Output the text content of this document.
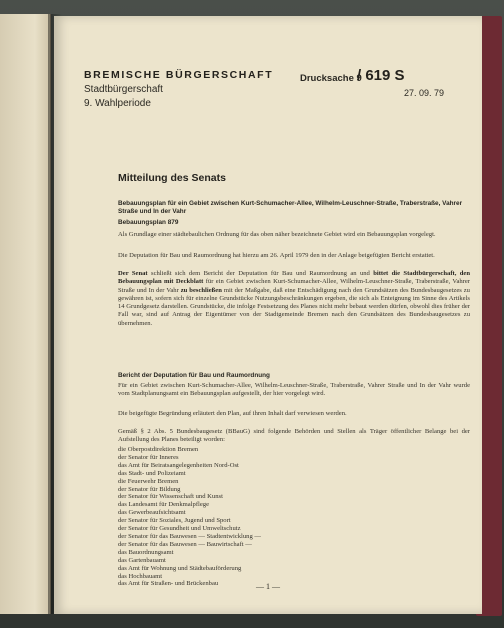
BREMISCHE BÜRGERSCHAFT
Stadtbürgerschaft
9. Wahlperiode
Drucksache 9
/ 619 S
27. 09. 79
Mitteilung des Senats
Bebauungsplan für ein Gebiet zwischen Kurt-Schumacher-Allee, Wilhelm-Leuschner-Straße, Traberstraße, Vahrer Straße und In der Vahr
Bebauungsplan 879

Als Grundlage einer städtebaulichen Ordnung für das oben näher bezeichnete Gebiet wird ein Bebauungsplan vorgelegt.

Die Deputation für Bau und Raumordnung hat hierzu am 26. April 1979 den in der Anlage beigefügten Bericht erstattet.

Der Senat schließt sich dem Bericht der Deputation für Bau und Raumordnung an und bittet die Stadtbürgerschaft, den Bebauungsplan mit Deckblatt für ein Gebiet zwischen Kurt-Schumacher-Allee, Wilhelm-Leuschner-Straße, Traberstraße, Vahrer Straße und In der Vahr zu beschließen mit der Maßgabe, daß eine Entschädigung nach den Grundsätzen des Bundesbaugesetzes zu gewähren ist, sofern sich für einzelne Grundstücke Nutzungsbeschränkungen ergeben, die sich als Enteignung im Sinne des Artikels 14 Grundgesetz darstellen. Grundstücke, die infolge Festsetzung des Planes nicht mehr bebaut werden dürfen, obwohl dies früher der Fall war, sind auf Antrag der Eigentümer von der Stadtgemeinde Bremen nach den Grundsätzen des Bundesbaugesetzes zu übernehmen.

Bericht der Deputation für Bau und Raumordnung

Für ein Gebiet zwischen Kurt-Schumacher-Allee, Wilhelm-Leuschner-Straße, Traberstraße, Vahrer Straße und In der Vahr wurde vom Stadtplanungsamt ein Bebauungsplan aufgestellt, der hier vorgelegt wird.

Die beigefügte Begründung erläutert den Plan, auf ihren Inhalt darf verwiesen werden.

Gemäß § 2 Abs. 5 Bundesbaugesetz (BBauG) sind folgende Behörden und Stellen als Träger öffentlicher Belange bei der Aufstellung des Planes beteiligt worden:

die Oberpostdirektion Bremen
der Senator für Inneres
das Amt für Beiratsangelegenheiten Nord-Ost
das Stadt- und Polizeiamt
die Feuerwehr Bremen
der Senator für Bildung
der Senator für Wissenschaft und Kunst
das Landesamt für Denkmalpflege
das Gewerbeaufsichtsamt
der Senator für Soziales, Jugend und Sport
der Senator für Gesundheit und Umweltschutz
der Senator für das Bauwesen — Stadtentwicklung —
der Senator für das Bauwesen — Bauwirtschaft —
das Bauordnungsamt
das Gartenbauamt
das Amt für Wohnung und Städtebauförderung
das Hochbauamt
das Amt für Straßen- und Brückenbau	— 1 —
